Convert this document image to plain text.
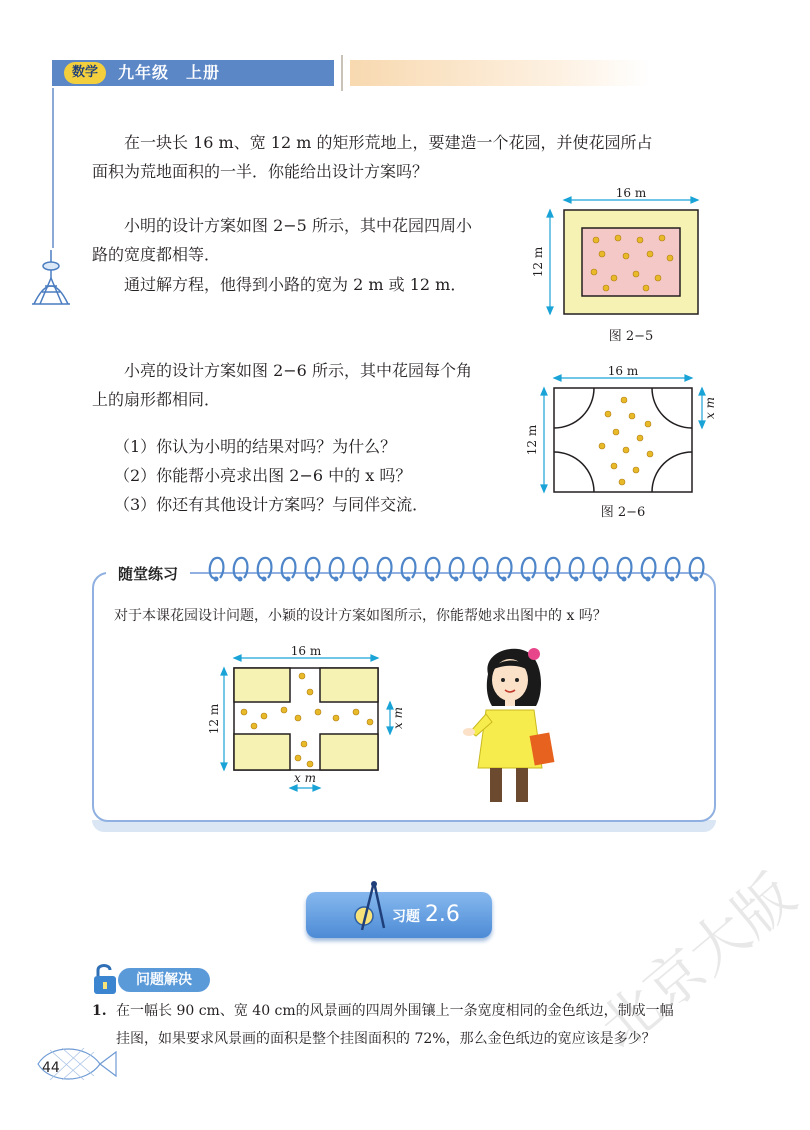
数学	九年级　上册
在一块长 16 m、宽 12 m 的矩形荒地上，要建造一个花园，并使花园所占
面积为荒地面积的一半．你能给出设计方案吗？
小明的设计方案如图 2−5 所示，其中花园四周小
路的宽度都相等．
通过解方程，他得到小路的宽为 2 m 或 12 m．
16 m
12 m
图 2−5
小亮的设计方案如图 2−6 所示，其中花园每个角
上的扇形都相同．
（1）你认为小明的结果对吗？为什么？
（2）你能帮小亮求出图 2−6 中的 x 吗？
（3）你还有其他设计方案吗？与同伴交流．
16 m
12 m
x m
图 2−6
随堂练习
对于本课花园设计问题，小颖的设计方案如图所示，你能帮她求出图中的 x 吗？
16 m
12 m	x m
x m
习题 2.6
问题解决
1. 在一幅长 90 cm、宽 40 cm的风景画的四周外围镶上一条宽度相同的金色纸边，制成一幅
挂图，如果要求风景画的面积是整个挂图面积的 72%，那么金色纸边的宽应该是多少？
44
北京大版
